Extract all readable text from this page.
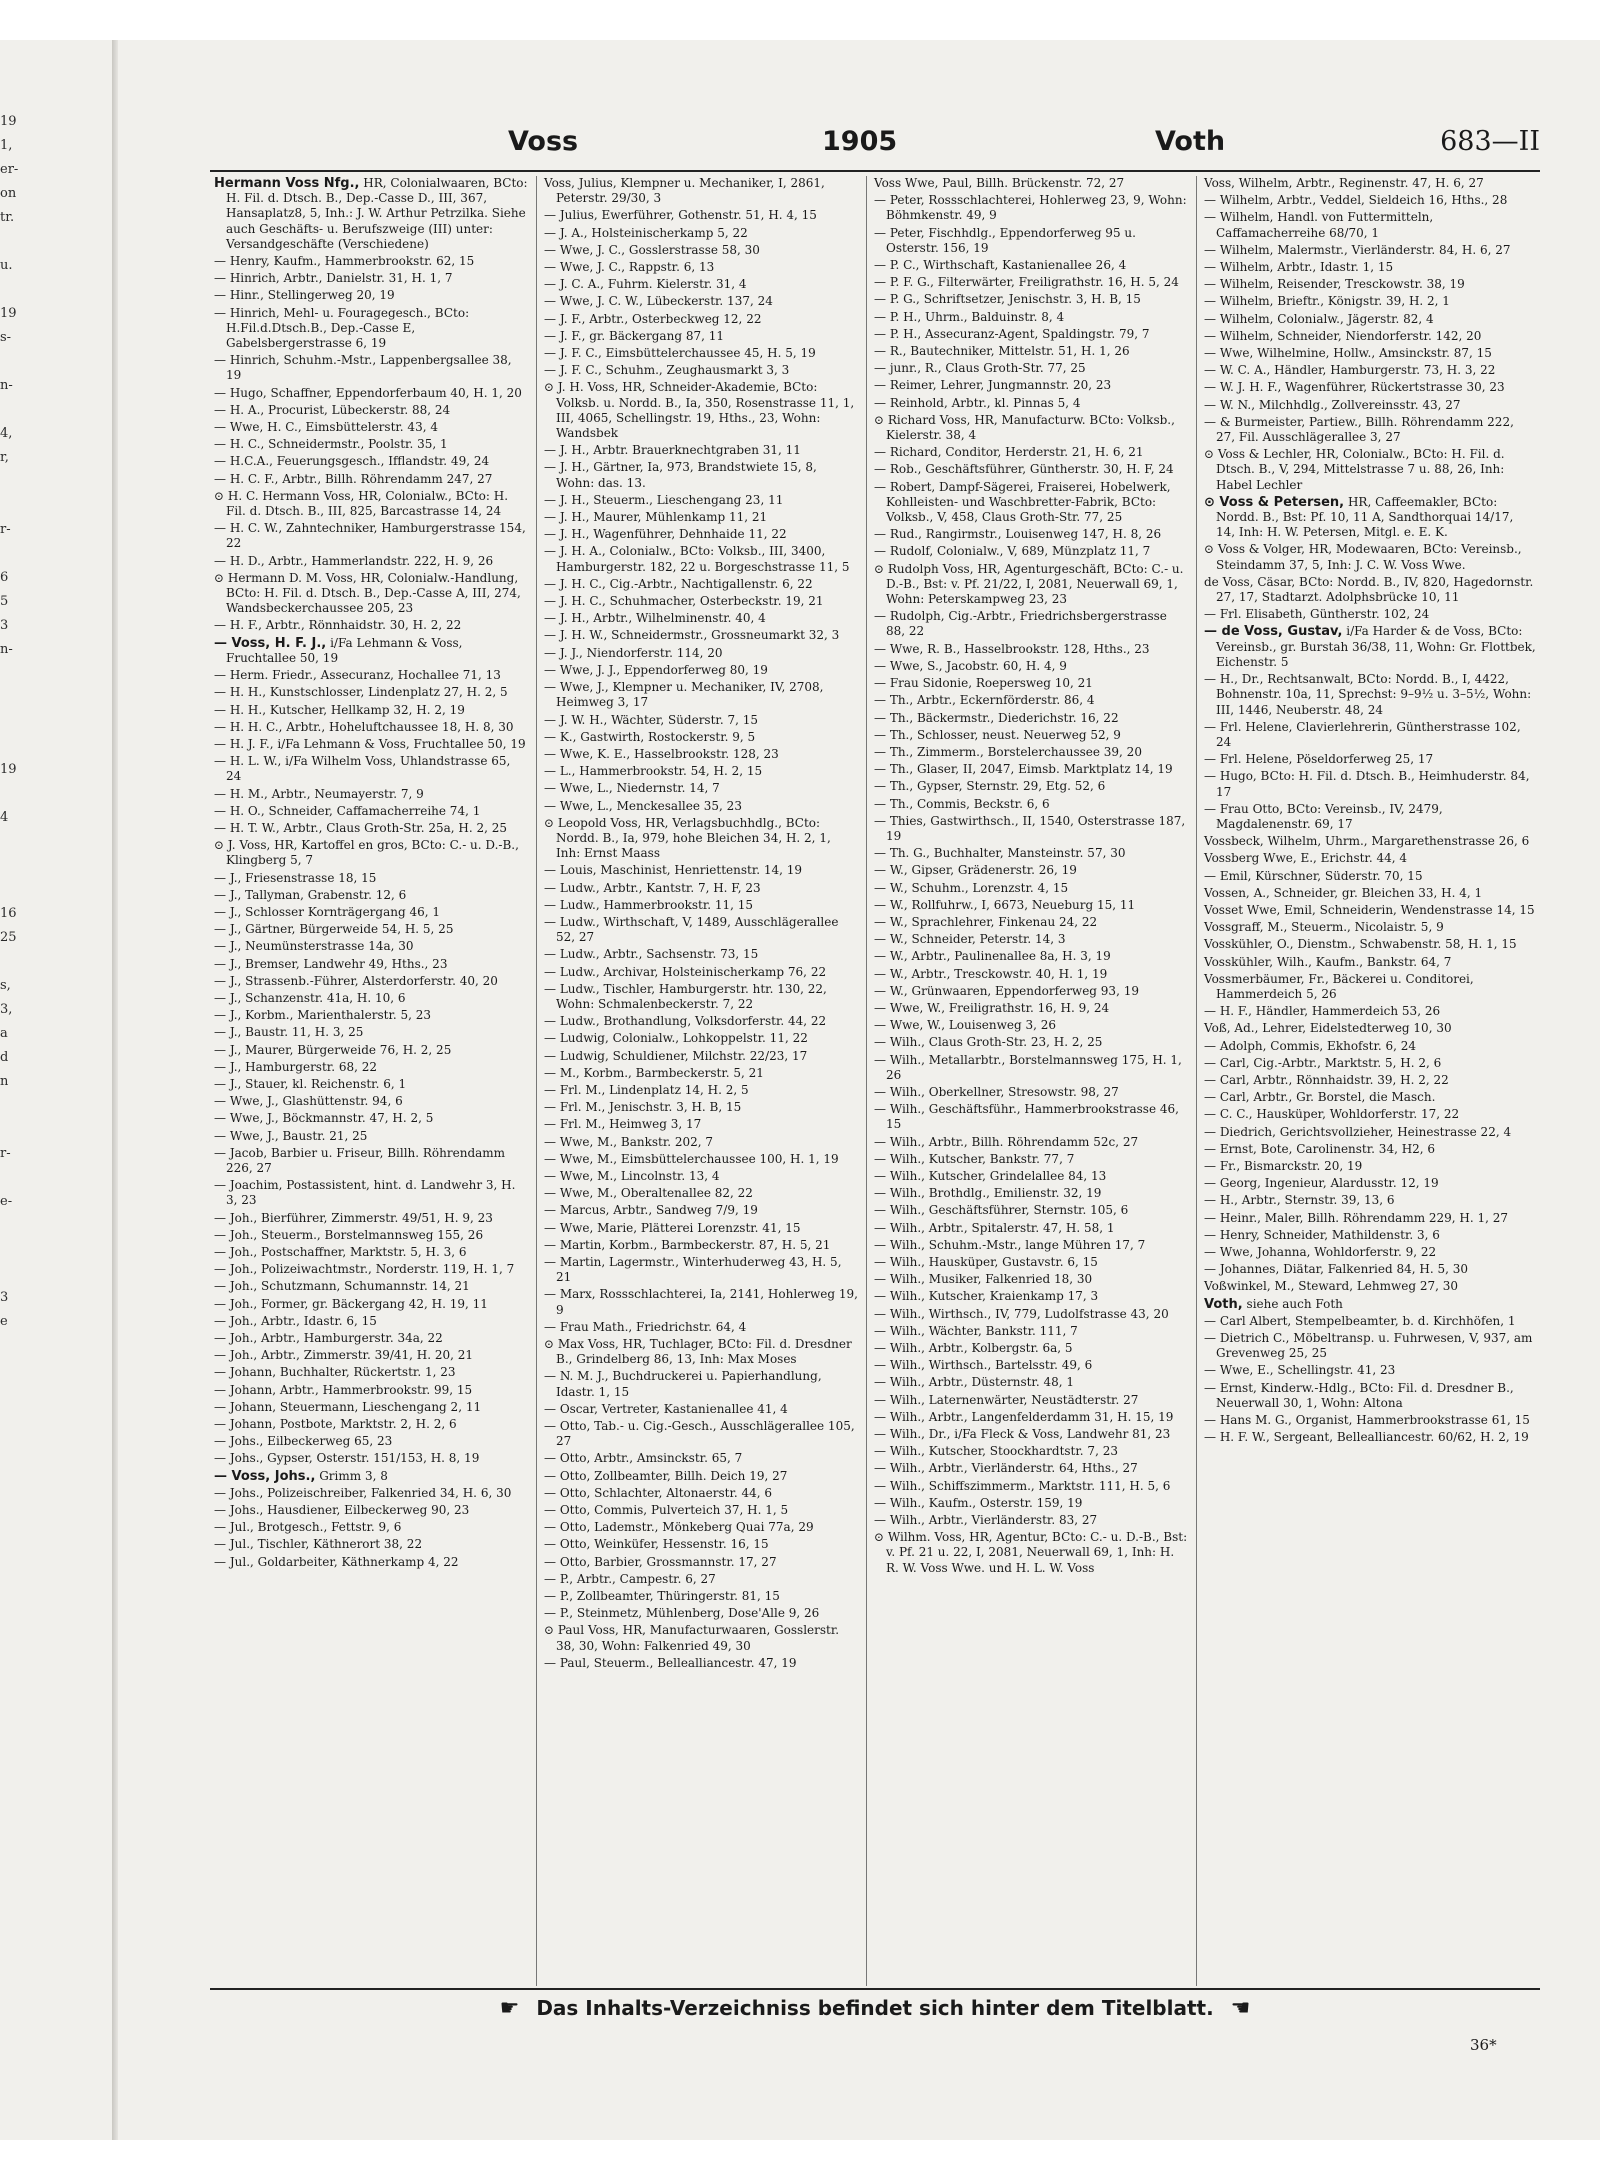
19
1,
er-
on
tr.
u.
19
s-
n-
4,
r,
r-
6
5
3
n-
19
4
16
25
s,
3,
a
d
n
r-
e-
3
e
Voss	1905	Voth	683—II
Hermann Voss Nfg., HR, Colonialwaaren, BCto: H. Fil. d. Dtsch. B., Dep.-Casse D., III, 367, Hansaplatz8, 5, Inh.: J. W. Arthur Petrzilka. Siehe auch Geschäfts- u. Berufszweige (III) unter: Versandgeschäfte (Verschiedene)
— Henry, Kaufm., Hammerbrookstr. 62, 15
— Hinrich, Arbtr., Danielstr. 31, H. 1, 7
— Hinr., Stellingerweg 20, 19
— Hinrich, Mehl- u. Fouragegesch., BCto: H.Fil.d.Dtsch.B., Dep.-Casse E, Gabelsbergerstrasse 6, 19
— Hinrich, Schuhm.-Mstr., Lappenbergsallee 38, 19
— Hugo, Schaffner, Eppendorferbaum 40, H. 1, 20
— H. A., Procurist, Lübeckerstr. 88, 24
— Wwe, H. C., Eimsbüttelerstr. 43, 4
— H. C., Schneidermstr., Poolstr. 35, 1
— H.C.A., Feuerungsgesch., Ifflandstr. 49, 24
— H. C. F., Arbtr., Billh. Röhrendamm 247, 27
⊙ H. C. Hermann Voss, HR, Colonialw., BCto: H. Fil. d. Dtsch. B., III, 825, Barcastrasse 14, 24
— H. C. W., Zahntechniker, Hamburgerstrasse 154, 22
— H. D., Arbtr., Hammerlandstr. 222, H. 9, 26
⊙ Hermann D. M. Voss, HR, Colonialw.-Handlung, BCto: H. Fil. d. Dtsch. B., Dep.-Casse A, III, 274, Wandsbeckerchaussee 205, 23
— H. F., Arbtr., Rönnhaidstr. 30, H. 2, 22
— Voss, H. F. J., i/Fa Lehmann & Voss, Fruchtallee 50, 19
— Herm. Friedr., Assecuranz, Hochallee 71, 13
— H. H., Kunstschlosser, Lindenplatz 27, H. 2, 5
— H. H., Kutscher, Hellkamp 32, H. 2, 19
— H. H. C., Arbtr., Hoheluftchaussee 18, H. 8, 30
— H. J. F., i/Fa Lehmann & Voss, Fruchtallee 50, 19
— H. L. W., i/Fa Wilhelm Voss, Uhlandstrasse 65, 24
— H. M., Arbtr., Neumayerstr. 7, 9
— H. O., Schneider, Caffamacherreihe 74, 1
— H. T. W., Arbtr., Claus Groth-Str. 25a, H. 2, 25
⊙ J. Voss, HR, Kartoffel en gros, BCto: C.- u. D.-B., Klingberg 5, 7
— J., Friesenstrasse 18, 15
— J., Tallyman, Grabenstr. 12, 6
— J., Schlosser Kornträgergang 46, 1
— J., Gärtner, Bürgerweide 54, H. 5, 25
— J., Neumünsterstrasse 14a, 30
— J., Bremser, Landwehr 49, Hths., 23
— J., Strassenb.-Führer, Alsterdorferstr. 40, 20
— J., Schanzenstr. 41a, H. 10, 6
— J., Korbm., Marienthalerstr. 5, 23
— J., Baustr. 11, H. 3, 25
— J., Maurer, Bürgerweide 76, H. 2, 25
— J., Hamburgerstr. 68, 22
— J., Stauer, kl. Reichenstr. 6, 1
— Wwe, J., Glashüttenstr. 94, 6
— Wwe, J., Böckmannstr. 47, H. 2, 5
— Wwe, J., Baustr. 21, 25
— Jacob, Barbier u. Friseur, Billh. Röhrendamm 226, 27
— Joachim, Postassistent, hint. d. Landwehr 3, H. 3, 23
— Joh., Bierführer, Zimmerstr. 49/51, H. 9, 23
— Joh., Steuerm., Borstelmannsweg 155, 26
— Joh., Postschaffner, Marktstr. 5, H. 3, 6
— Joh., Polizeiwachtmstr., Norderstr. 119, H. 1, 7
— Joh., Schutzmann, Schumannstr. 14, 21
— Joh., Former, gr. Bäckergang 42, H. 19, 11
— Joh., Arbtr., Idastr. 6, 15
— Joh., Arbtr., Hamburgerstr. 34a, 22
— Joh., Arbtr., Zimmerstr. 39/41, H. 20, 21
— Johann, Buchhalter, Rückertstr. 1, 23
— Johann, Arbtr., Hammerbrookstr. 99, 15
— Johann, Steuermann, Lieschengang 2, 11
— Johann, Postbote, Marktstr. 2, H. 2, 6
— Johs., Eilbeckerweg 65, 23
— Johs., Gypser, Osterstr. 151/153, H. 8, 19
— Voss, Johs., Grimm 3, 8
— Johs., Polizeischreiber, Falkenried 34, H. 6, 30
— Johs., Hausdiener, Eilbeckerweg 90, 23
— Jul., Brotgesch., Fettstr. 9, 6
— Jul., Tischler, Käthnerort 38, 22
— Jul., Goldarbeiter, Käthnerkamp 4, 22
Voss, Julius, Klempner u. Mechaniker, I, 2861, Peterstr. 29/30, 3
— Julius, Ewerführer, Gothenstr. 51, H. 4, 15
— J. A., Holsteinischerkamp 5, 22
— Wwe, J. C., Gosslerstrasse 58, 30
— Wwe, J. C., Rappstr. 6, 13
— J. C. A., Fuhrm. Kielerstr. 31, 4
— Wwe, J. C. W., Lübeckerstr. 137, 24
— J. F., Arbtr., Osterbeckweg 12, 22
— J. F., gr. Bäckergang 87, 11
— J. F. C., Eimsbüttelerchaussee 45, H. 5, 19
— J. F. C., Schuhm., Zeughausmarkt 3, 3
⊙ J. H. Voss, HR, Schneider-Akademie, BCto: Volksb. u. Nordd. B., Ia, 350, Rosenstrasse 11, 1, III, 4065, Schellingstr. 19, Hths., 23, Wohn: Wandsbek
— J. H., Arbtr. Brauerknechtgraben 31, 11
— J. H., Gärtner, Ia, 973, Brandstwiete 15, 8, Wohn: das. 13.
— J. H., Steuerm., Lieschengang 23, 11
— J. H., Maurer, Mühlenkamp 11, 21
— J. H., Wagenführer, Dehnhaide 11, 22
— J. H. A., Colonialw., BCto: Volksb., III, 3400, Hamburgerstr. 182, 22 u. Borgeschstrasse 11, 5
— J. H. C., Cig.-Arbtr., Nachtigallenstr. 6, 22
— J. H. C., Schuhmacher, Osterbeckstr. 19, 21
— J. H., Arbtr., Wilhelminenstr. 40, 4
— J. H. W., Schneidermstr., Grossneumarkt 32, 3
— J. J., Niendorferstr. 114, 20
— Wwe, J. J., Eppendorferweg 80, 19
— Wwe, J., Klempner u. Mechaniker, IV, 2708, Heimweg 3, 17
— J. W. H., Wächter, Süderstr. 7, 15
— K., Gastwirth, Rostockerstr. 9, 5
— Wwe, K. E., Hasselbrookstr. 128, 23
— L., Hammerbrookstr. 54, H. 2, 15
— Wwe, L., Niedernstr. 14, 7
— Wwe, L., Menckesallee 35, 23
⊙ Leopold Voss, HR, Verlagsbuchhdlg., BCto: Nordd. B., Ia, 979, hohe Bleichen 34, H. 2, 1, Inh: Ernst Maass
— Louis, Maschinist, Henriettenstr. 14, 19
— Ludw., Arbtr., Kantstr. 7, H. F, 23
— Ludw., Hammerbrookstr. 11, 15
— Ludw., Wirthschaft, V, 1489, Ausschlägerallee 52, 27
— Ludw., Arbtr., Sachsenstr. 73, 15
— Ludw., Archivar, Holsteinischerkamp 76, 22
— Ludw., Tischler, Hamburgerstr. htr. 130, 22, Wohn: Schmalenbeckerstr. 7, 22
— Ludw., Brothandlung, Volksdorferstr. 44, 22
— Ludwig, Colonialw., Lohkoppelstr. 11, 22
— Ludwig, Schuldiener, Milchstr. 22/23, 17
— M., Korbm., Barmbeckerstr. 5, 21
— Frl. M., Lindenplatz 14, H. 2, 5
— Frl. M., Jenischstr. 3, H. B, 15
— Frl. M., Heimweg 3, 17
— Wwe, M., Bankstr. 202, 7
— Wwe, M., Eimsbüttelerchaussee 100, H. 1, 19
— Wwe, M., Lincolnstr. 13, 4
— Wwe, M., Oberaltenallee 82, 22
— Marcus, Arbtr., Sandweg 7/9, 19
— Wwe, Marie, Plätterei Lorenzstr. 41, 15
— Martin, Korbm., Barmbeckerstr. 87, H. 5, 21
— Martin, Lagermstr., Winterhuderweg 43, H. 5, 21
— Marx, Rossschlachterei, Ia, 2141, Hohlerweg 19, 9
— Frau Math., Friedrichstr. 64, 4
⊙ Max Voss, HR, Tuchlager, BCto: Fil. d. Dresdner B., Grindelberg 86, 13, Inh: Max Moses
— N. M. J., Buchdruckerei u. Papierhandlung, Idastr. 1, 15
— Oscar, Vertreter, Kastanienallee 41, 4
— Otto, Tab.- u. Cig.-Gesch., Ausschlägerallee 105, 27
— Otto, Arbtr., Amsinckstr. 65, 7
— Otto, Zollbeamter, Billh. Deich 19, 27
— Otto, Schlachter, Altonaerstr. 44, 6
— Otto, Commis, Pulverteich 37, H. 1, 5
— Otto, Lademstr., Mönkeberg Quai 77a, 29
— Otto, Weinküfer, Hessenstr. 16, 15
— Otto, Barbier, Grossmannstr. 17, 27
— P., Arbtr., Campestr. 6, 27
— P., Zollbeamter, Thüringerstr. 81, 15
— P., Steinmetz, Mühlenberg, Dose'Alle 9, 26
⊙ Paul Voss, HR, Manufacturwaaren, Gosslerstr. 38, 30, Wohn: Falkenried 49, 30
— Paul, Steuerm., Bellealliancestr. 47, 19
Voss Wwe, Paul, Billh. Brückenstr. 72, 27
— Peter, Rossschlachterei, Hohlerweg 23, 9, Wohn: Böhmkenstr. 49, 9
— Peter, Fischhdlg., Eppendorferweg 95 u. Osterstr. 156, 19
— P. C., Wirthschaft, Kastanienallee 26, 4
— P. F. G., Filterwärter, Freiligrathstr. 16, H. 5, 24
— P. G., Schriftsetzer, Jenischstr. 3, H. B, 15
— P. H., Uhrm., Balduinstr. 8, 4
— P. H., Assecuranz-Agent, Spaldingstr. 79, 7
— R., Bautechniker, Mittelstr. 51, H. 1, 26
— junr., R., Claus Groth-Str. 77, 25
— Reimer, Lehrer, Jungmannstr. 20, 23
— Reinhold, Arbtr., kl. Pinnas 5, 4
⊙ Richard Voss, HR, Manufacturw. BCto: Volksb., Kielerstr. 38, 4
— Richard, Conditor, Herderstr. 21, H. 6, 21
— Rob., Geschäftsführer, Güntherstr. 30, H. F, 24
— Robert, Dampf-Sägerei, Fraiserei, Hobelwerk, Kohlleisten- und Waschbretter-Fabrik, BCto: Volksb., V, 458, Claus Groth-Str. 77, 25
— Rud., Rangirmstr., Louisenweg 147, H. 8, 26
— Rudolf, Colonialw., V, 689, Münzplatz 11, 7
⊙ Rudolph Voss, HR, Agenturgeschäft, BCto: C.- u. D.-B., Bst: v. Pf. 21/22, I, 2081, Neuerwall 69, 1, Wohn: Peterskampweg 23, 23
— Rudolph, Cig.-Arbtr., Friedrichsbergerstrasse 88, 22
— Wwe, R. B., Hasselbrookstr. 128, Hths., 23
— Wwe, S., Jacobstr. 60, H. 4, 9
— Frau Sidonie, Roepersweg 10, 21
— Th., Arbtr., Eckernförderstr. 86, 4
— Th., Bäckermstr., Diederichstr. 16, 22
— Th., Schlosser, neust. Neuerweg 52, 9
— Th., Zimmerm., Borstelerchaussee 39, 20
— Th., Glaser, II, 2047, Eimsb. Marktplatz 14, 19
— Th., Gypser, Sternstr. 29, Etg. 52, 6
— Th., Commis, Beckstr. 6, 6
— Thies, Gastwirthsch., II, 1540, Osterstrasse 187, 19
— Th. G., Buchhalter, Mansteinstr. 57, 30
— W., Gipser, Grädenerstr. 26, 19
— W., Schuhm., Lorenzstr. 4, 15
— W., Rollfuhrw., I, 6673, Neueburg 15, 11
— W., Sprachlehrer, Finkenau 24, 22
— W., Schneider, Peterstr. 14, 3
— W., Arbtr., Paulinenallee 8a, H. 3, 19
— W., Arbtr., Tresckowstr. 40, H. 1, 19
— W., Grünwaaren, Eppendorferweg 93, 19
— Wwe, W., Freiligrathstr. 16, H. 9, 24
— Wwe, W., Louisenweg 3, 26
— Wilh., Claus Groth-Str. 23, H. 2, 25
— Wilh., Metallarbtr., Borstelmannsweg 175, H. 1, 26
— Wilh., Oberkellner, Stresowstr. 98, 27
— Wilh., Geschäftsführ., Hammerbrookstrasse 46, 15
— Wilh., Arbtr., Billh. Röhrendamm 52c, 27
— Wilh., Kutscher, Bankstr. 77, 7
— Wilh., Kutscher, Grindelallee 84, 13
— Wilh., Brothdlg., Emilienstr. 32, 19
— Wilh., Geschäftsführer, Sternstr. 105, 6
— Wilh., Arbtr., Spitalerstr. 47, H. 58, 1
— Wilh., Schuhm.-Mstr., lange Mühren 17, 7
— Wilh., Hausküper, Gustavstr. 6, 15
— Wilh., Musiker, Falkenried 18, 30
— Wilh., Kutscher, Kraienkamp 17, 3
— Wilh., Wirthsch., IV, 779, Ludolfstrasse 43, 20
— Wilh., Wächter, Bankstr. 111, 7
— Wilh., Arbtr., Kolbergstr. 6a, 5
— Wilh., Wirthsch., Bartelsstr. 49, 6
— Wilh., Arbtr., Düsternstr. 48, 1
— Wilh., Laternenwärter, Neustädterstr. 27
— Wilh., Arbtr., Langenfelderdamm 31, H. 15, 19
— Wilh., Dr., i/Fa Fleck & Voss, Landwehr 81, 23
— Wilh., Kutscher, Stoockhardtstr. 7, 23
— Wilh., Arbtr., Vierländerstr. 64, Hths., 27
— Wilh., Schiffszimmerm., Marktstr. 111, H. 5, 6
— Wilh., Kaufm., Osterstr. 159, 19
— Wilh., Arbtr., Vierländerstr. 83, 27
⊙ Wilhm. Voss, HR, Agentur, BCto: C.- u. D.-B., Bst: v. Pf. 21 u. 22, I, 2081, Neuerwall 69, 1, Inh: H. R. W. Voss Wwe. und H. L. W. Voss
Voss, Wilhelm, Arbtr., Reginenstr. 47, H. 6, 27
— Wilhelm, Arbtr., Veddel, Sieldeich 16, Hths., 28
— Wilhelm, Handl. von Futtermitteln, Caffamacherreihe 68/70, 1
— Wilhelm, Malermstr., Vierländerstr. 84, H. 6, 27
— Wilhelm, Arbtr., Idastr. 1, 15
— Wilhelm, Reisender, Tresckowstr. 38, 19
— Wilhelm, Brieftr., Königstr. 39, H. 2, 1
— Wilhelm, Colonialw., Jägerstr. 82, 4
— Wilhelm, Schneider, Niendorferstr. 142, 20
— Wwe, Wilhelmine, Hollw., Amsinckstr. 87, 15
— W. C. A., Händler, Hamburgerstr. 73, H. 3, 22
— W. J. H. F., Wagenführer, Rückertstrasse 30, 23
— W. N., Milchhdlg., Zollvereinsstr. 43, 27
— & Burmeister, Partiew., Billh. Röhrendamm 222, 27, Fil. Ausschlägerallee 3, 27
⊙ Voss & Lechler, HR, Colonialw., BCto: H. Fil. d. Dtsch. B., V, 294, Mittelstrasse 7 u. 88, 26, Inh: Habel Lechler
⊙ Voss & Petersen, HR, Caffeemakler, BCto: Nordd. B., Bst: Pf. 10, 11 A, Sandthorquai 14/17, 14, Inh: H. W. Petersen, Mitgl. e. E. K.
⊙ Voss & Volger, HR, Modewaaren, BCto: Vereinsb., Steindamm 37, 5, Inh: J. C. W. Voss Wwe.
de Voss, Cäsar, BCto: Nordd. B., IV, 820, Hagedornstr. 27, 17, Stadtarzt. Adolphsbrücke 10, 11
— Frl. Elisabeth, Güntherstr. 102, 24
— de Voss, Gustav, i/Fa Harder & de Voss, BCto: Vereinsb., gr. Burstah 36/38, 11, Wohn: Gr. Flottbek, Eichenstr. 5
— H., Dr., Rechtsanwalt, BCto: Nordd. B., I, 4422, Bohnenstr. 10a, 11, Sprechst: 9–9½ u. 3–5½, Wohn: III, 1446, Neuberstr. 48, 24
— Frl. Helene, Clavierlehrerin, Güntherstrasse 102, 24
— Frl. Helene, Pöseldorferweg 25, 17
— Hugo, BCto: H. Fil. d. Dtsch. B., Heimhuderstr. 84, 17
— Frau Otto, BCto: Vereinsb., IV, 2479, Magdalenenstr. 69, 17
Vossbeck, Wilhelm, Uhrm., Margarethenstrasse 26, 6
Vossberg Wwe, E., Erichstr. 44, 4
— Emil, Kürschner, Süderstr. 70, 15
Vossen, A., Schneider, gr. Bleichen 33, H. 4, 1
Vosset Wwe, Emil, Schneiderin, Wendenstrasse 14, 15
Vossgraff, M., Steuerm., Nicolaistr. 5, 9
Vosskühler, O., Dienstm., Schwabenstr. 58, H. 1, 15
Vosskühler, Wilh., Kaufm., Bankstr. 64, 7
Vossmerbäumer, Fr., Bäckerei u. Conditorei, Hammerdeich 5, 26
— H. F., Händler, Hammerdeich 53, 26
Voß, Ad., Lehrer, Eidelstedterweg 10, 30
— Adolph, Commis, Ekhofstr. 6, 24
— Carl, Cig.-Arbtr., Marktstr. 5, H. 2, 6
— Carl, Arbtr., Rönnhaidstr. 39, H. 2, 22
— Carl, Arbtr., Gr. Borstel, die Masch.
— C. C., Hausküper, Wohldorferstr. 17, 22
— Diedrich, Gerichtsvollzieher, Heinestrasse 22, 4
— Ernst, Bote, Carolinenstr. 34, H2, 6
— Fr., Bismarckstr. 20, 19
— Georg, Ingenieur, Alardusstr. 12, 19
— H., Arbtr., Sternstr. 39, 13, 6
— Heinr., Maler, Billh. Röhrendamm 229, H. 1, 27
— Henry, Schneider, Mathildenstr. 3, 6
— Wwe, Johanna, Wohldorferstr. 9, 22
— Johannes, Diätar, Falkenried 84, H. 5, 30
Voßwinkel, M., Steward, Lehmweg 27, 30
Voth, siehe auch Foth
— Carl Albert, Stempelbeamter, b. d. Kirchhöfen, 1
— Dietrich C., Möbeltransp. u. Fuhrwesen, V, 937, am Grevenweg 25, 25
— Wwe, E., Schellingstr. 41, 23
— Ernst, Kinderw.-Hdlg., BCto: Fil. d. Dresdner B., Neuerwall 30, 1, Wohn: Altona
— Hans M. G., Organist, Hammerbrookstrasse 61, 15
— H. F. W., Sergeant, Bellealliancestr. 60/62, H. 2, 19
☛ Das Inhalts-Verzeichniss befindet sich hinter dem Titelblatt. ☚
36*
